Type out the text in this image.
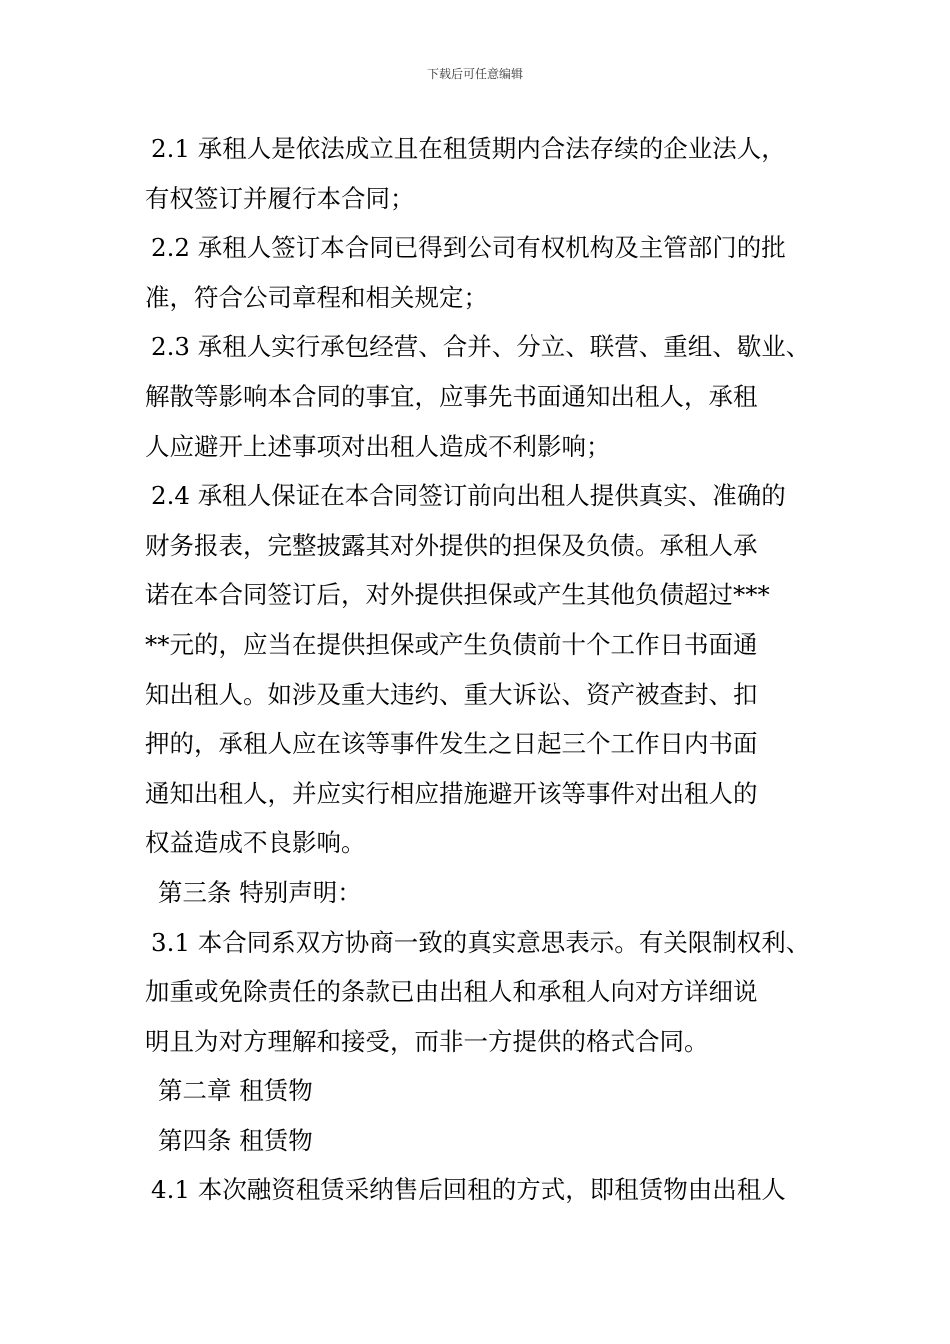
下载后可任意编辑
2.1 承租人是依法成立且在租赁期内合法存续的企业法人，
有权签订并履行本合同；
2.2 承租人签订本合同已得到公司有权机构及主管部门的批
准，符合公司章程和相关规定；
2.3 承租人实行承包经营、合并、分立、联营、重组、歇业、
解散等影响本合同的事宜，应事先书面通知出租人，承租
人应避开上述事项对出租人造成不利影响；
2.4 承租人保证在本合同签订前向出租人提供真实、准确的
财务报表，完整披露其对外提供的担保及负债。承租人承
诺在本合同签订后，对外提供担保或产生其他负债超过***
**元的，应当在提供担保或产生负债前十个工作日书面通
知出租人。如涉及重大违约、重大诉讼、资产被查封、扣
押的，承租人应在该等事件发生之日起三个工作日内书面
通知出租人，并应实行相应措施避开该等事件对出租人的
权益造成不良影响。
第三条 特别声明：
3.1 本合同系双方协商一致的真实意思表示。有关限制权利、
加重或免除责任的条款已由出租人和承租人向对方详细说
明且为对方理解和接受，而非一方提供的格式合同。
第二章 租赁物
第四条 租赁物
4.1 本次融资租赁采纳售后回租的方式，即租赁物由出租人
